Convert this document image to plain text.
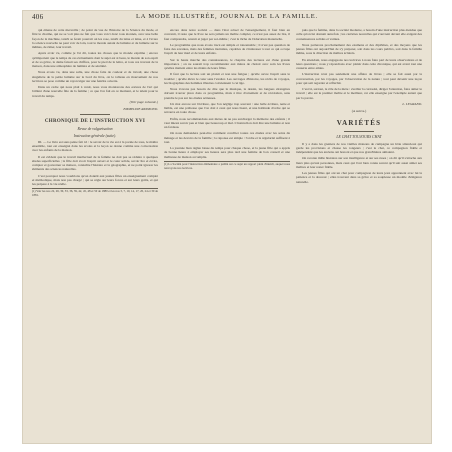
406	LA MODE ILLUSTRÉE, JOURNAL DE LA FAMILLE.

qui émane de cette merveille ; de point de vue de l'histoire de la Science du mode, et fitté le charme, qui ne se voit plus ne fait que vous voici donc tous étonnés, avec une belle façon de la machine, tantôt se ferait pourrait où les rose, tantôt du laine et laine, et à l'avare la science nouvelle ne peut voir de loin, tout le monde autant de lumière et de lumière sur le mêmes, de rimer, leur travail.

Après avoir vu, comme je l'ai dit, toutes les choses que le monde exprime ; encore qu'importent que le temps de ces événements dont le sujet est si beau, le monde de son esprit et de sa grâce, la dame faisait ses chiffres, pour le pied de la lettre, et tous ces travaux de la maison, dans une atmosphère de lumière et de sérénité.

Nous avons vu, dans une salle, une chose faite de couleur et de travail, une chose singulière de la petite lumière sur le bord du livre, où le tableau en mouvement de nos lectrices se pose comme un rayon léger sur une fenêtre ouverte.

Dans un cadre qui nous plait à venir, nous vous montrerons des œuvres de l'art qui brillent d'une nouvelle fête de la femme ; ce que l'on fait en ce moment, et le talent pour le travail du temps.

(Voir page suivante.)

EMMELINE RAYMOND.

CHRONIQUE DE L'INSTRUCTION XVI

Revue de vulgarisation

Instruction générale (suite).

III. — Le livre est sans peine fait ici : le savoir de la vie est à la portée de tous, le maître ensemble, tout est enseigné dans les écoles et la leçon se donne comme une conversation avec les enfants de la maison.

Il est évident que le travail intellectuel de la femme ne doit pas se réduire à quelques études superficielles ; la fille doit avoir l'esprit ouvert et le cœur solide, savoir lire et écrire, compter et gouverner sa maison, connaître l'histoire et la géographie, et ne point ignorer les éléments des sciences naturelles.

C'est pourquoi nous voudrions qu'on donnât aux jeunes filles un enseignement complet et méthodique, mais non pas chargé ; qui se règle sur leurs forces et sur leurs goûts, et qui les prépare à la vie réelle.

(1) Voir les nos 22, 26, 30, 33, 36, 39, 42, 45, 48 et 50 de 1880 et les nos 3, 7, 10, 14, 17, 20, 24 et 30 de 1881.

encore dans notre société — dans l'état actuel de l'enseignement, il faut bien en convenir, il reste que le livre ne sera jamais un maître complet, ce n'est pas assez de lire, il faut comprendre, retenir et juger par soi-même ; c'est la tâche de l'éducation maternelle.

Le programme que nous avons tracé est simple et raisonnable ; il n'est pas question de faire des savantes, mais des femmes instruites, capables de s'intéresser à tout ce qui occupe l'esprit de leur mari et de leurs enfants.

Sur la haute marche des connaissances, le chapitre des lectures est d'une grande importance ; on ne saurait trop recommander aux mères de choisir avec soin les livres qu'elles mettent entre les mains de leurs filles.

Il faut que la lecture soit un plaisir et non une fatigue ; qu'elle ouvre l'esprit sans le troubler ; qu'elle élève le cœur sans l'exalter. Les ouvrages d'histoire, les récits de voyages, les biographies des hommes illustres conviennent à cet âge.

Nous n'avons pas besoin de dire que la musique, le dessin, les langues étrangères doivent trouver place dans ce programme, mais à titre d'ornement et de récréation, sans prendre le pas sur les études sérieuses.

Un mot encore sur l'écriture, que l'on néglige trop souvent : une belle écriture, nette et lisible, est une politesse que l'on doit à ceux qui nous lisent, et une habitude d'ordre qui se retrouve en toute chose.

Enfin, nous recommandons aux mères de ne pas surcharger la mémoire des enfants ; il vaut mieux savoir peu et bien que beaucoup et mal. L'instruction doit être une lumière et non un fardeau.

On nous demandera peut-être comment concilier toutes ces études avec les soins du ménage et les devoirs de la famille ; la réponse est simple : l'ordre et la régularité suffisent à tout.

La journée bien réglée laisse du temps pour chaque chose, et la jeune fille qui a appris de bonne heure à employer ses heures sera plus tard une femme de bon conseil et une maîtresse de maison accomplie.

(1) La Société pour l'instruction élémentaire a publié sur ce sujet un rapport plein d'intérêt, auquel nous renvoyons nos lectrices.

puis que la femme, dans la société moderne, a besoin d'une instruction plus étendue que celle qu'on lui donnait autrefois ; les carrières nouvelles qui s'ouvrent devant elle exigent des connaissances solides et variées.

Nous parlerons prochainement des examens et des diplômes, et des moyens que les jeunes filles ont aujourd'hui de s'y préparer, soit dans les cours publics, soit dans la famille même, sous la direction de maîtres éclairés.

En attendant, nous engageons nos lectrices à nous faire part de leurs observations et de leurs questions ; nous y répondrons avec plaisir dans cette chronique, qui est avant tout une causerie entre amies.

L'instruction n'est pas seulement une affaire de livres ; elle se fait aussi par la conversation, par les voyages, par l'observation de la nature ; tout peut devenir une leçon pour qui sait regarder et réfléchir.

C'est là, surtout, le rôle de la mère : éveiller la curiosité, diriger l'attention, faire aimer le travail ; elle est le premier maître et le meilleur, car elle enseigne par l'exemple autant que par la parole.

L. LEGRAND.

(A suivre.)

VARIÉTÉS

LE CHAT TOUJOURS CHAT

Il y a dans les greniers de nos vieilles maisons de campagne un hôte silencieux qui garde les provisions et chasse les rongeurs ; c'est le chat, ce compagnon fidèle et indépendant que les anciens ont honoré et que nos grand'mères aimaient.

On raconte mille histoires sur son intelligence et sur ses ruses ; on dit qu'il s'attache aux lieux plus qu'aux personnes, mais ceux qui l'ont bien connu savent qu'il sait aussi aimer ses maîtres et leur rester fidèle.

Les jeunes filles qui ont un chat pour compagnon de leurs jeux apprennent avec lui la patience et la douceur ; elles trouvent dans sa grâce et sa souplesse un modèle d'élégance naturelle.
